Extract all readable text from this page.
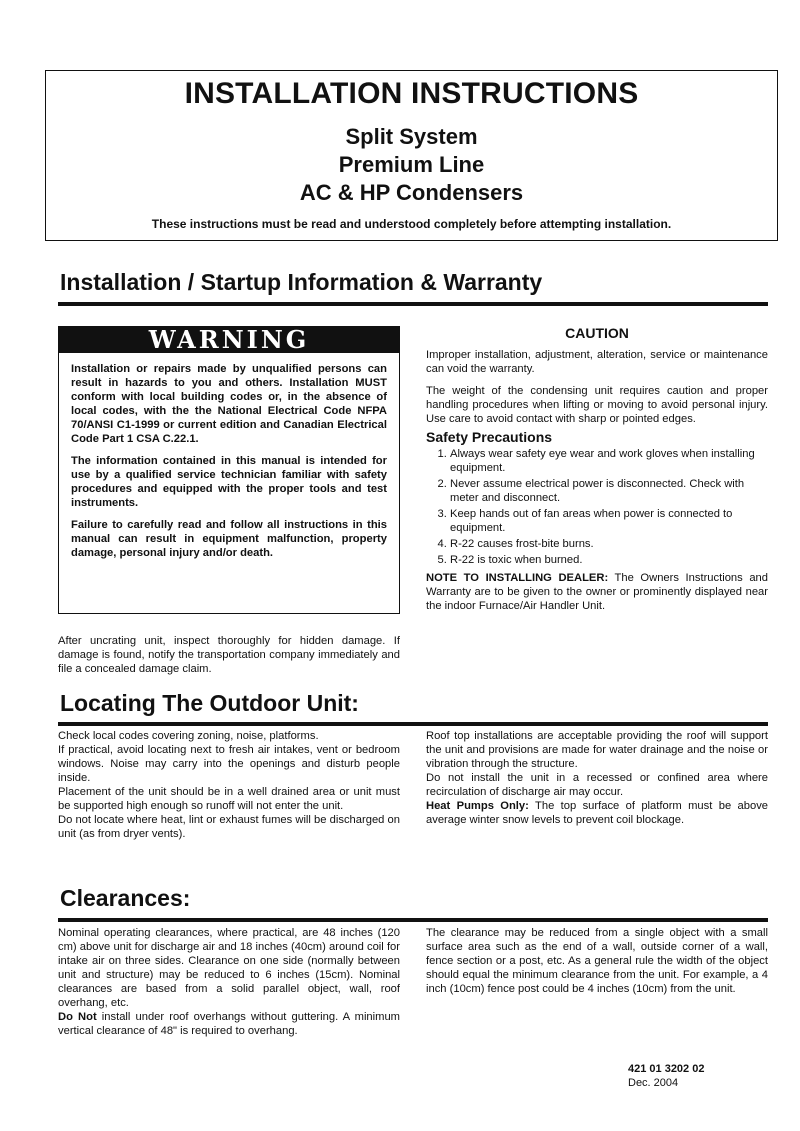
INSTALLATION INSTRUCTIONS
Split System
Premium Line
AC & HP Condensers
These instructions must be read and understood completely before attempting installation.
Installation / Startup Information & Warranty
WARNING

Installation or repairs made by unqualified persons can result in hazards to you and others. Installation MUST conform with local building codes or, in the absence of local codes, with the the National Electrical Code NFPA 70/ANSI C1-1999 or current edition and Canadian Electrical Code Part 1 CSA C.22.1.

The information contained in this manual is intended for use by a qualified service technician familiar with safety procedures and equipped with the proper tools and test instruments.

Failure to carefully read and follow all instructions in this manual can result in equipment malfunction, property damage, personal injury and/or death.

After uncrating unit, inspect thoroughly for hidden damage. If damage is found, notify the transportation company immediately and file a concealed damage claim.

CAUTION

Improper installation, adjustment, alteration, service or maintenance can void the warranty.

The weight of the condensing unit requires caution and proper handling procedures when lifting or moving to avoid personal injury. Use care to avoid contact with sharp or pointed edges.

Safety Precautions
1. Always wear safety eye wear and work gloves when installing equipment.
2. Never assume electrical power is disconnected. Check with meter and disconnect.
3. Keep hands out of fan areas when power is connected to equipment.
4. R-22 causes frost-bite burns.
5. R-22 is toxic when burned.

NOTE TO INSTALLING DEALER: The Owners Instructions and Warranty are to be given to the owner or prominently displayed near the indoor Furnace/Air Handler Unit.

Locating The Outdoor Unit:

Check local codes covering zoning, noise, platforms.

If practical, avoid locating next to fresh air intakes, vent or bedroom windows. Noise may carry into the openings and disturb people inside.

Placement of the unit should be in a well drained area or unit must be supported high enough so runoff will not enter the unit.

Do not locate where heat, lint or exhaust fumes will be discharged on unit (as from dryer vents).

Roof top installations are acceptable providing the roof will support the unit and provisions are made for water drainage and the noise or vibration through the structure.

Do not install the unit in a recessed or confined area where recirculation of discharge air may occur.

Heat Pumps Only: The top surface of platform must be above average winter snow levels to prevent coil blockage.

Clearances:

Nominal operating clearances, where practical, are 48 inches (120 cm) above unit for discharge air and 18 inches (40cm) around coil for intake air on three sides. Clearance on one side (normally between unit and structure) may be reduced to 6 inches (15cm). Nominal clearances are based from a solid parallel object, wall, roof overhang, etc.

Do Not install under roof overhangs without guttering. A minimum vertical clearance of 48" is required to overhang.

The clearance may be reduced from a single object with a small surface area such as the end of a wall, outside corner of a wall, fence section or a post, etc. As a general rule the width of the object should equal the minimum clearance from the unit. For example, a 4 inch (10cm) fence post could be 4 inches (10cm) from the unit.

421 01 3202 02
Dec. 2004
